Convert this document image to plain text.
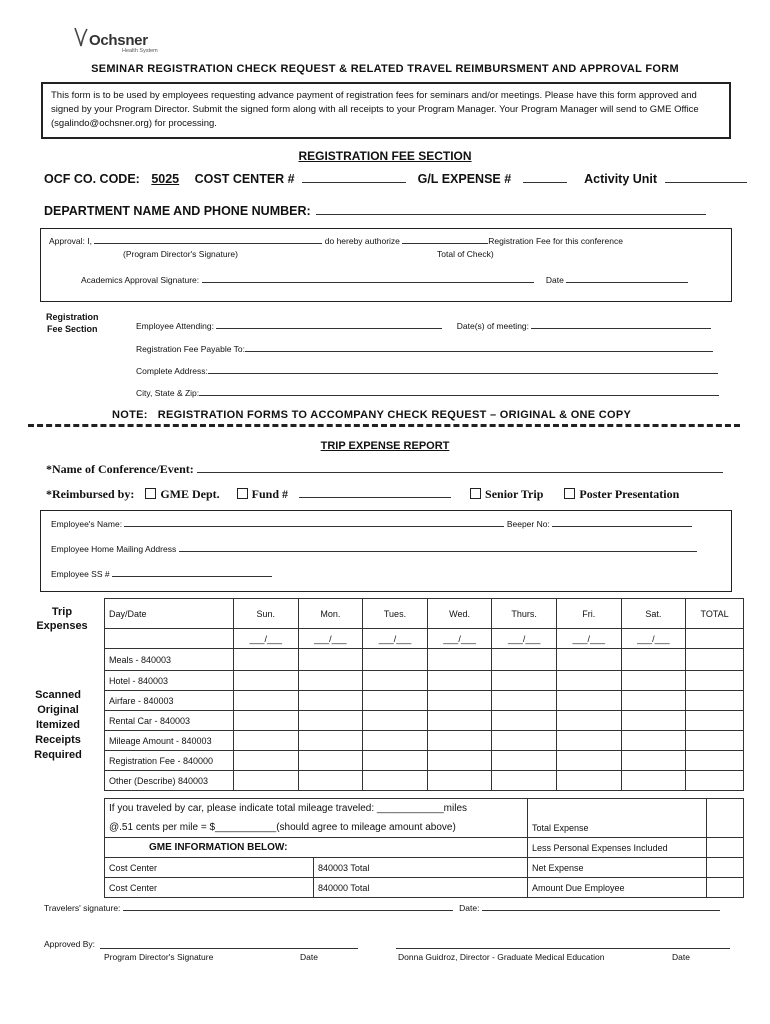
Ochsner
Health System
SEMINAR REGISTRATION CHECK REQUEST & RELATED TRAVEL REIMBURSMENT AND APPROVAL FORM
This form is to be used by employees requesting advance payment of registration fees for seminars and/or meetings. Please have this form approved and signed by your Program Director. Submit the signed form along with all receipts to your Program Manager. Your Program Manager will send to GME Office (sgalindo@ochsner.org) for processing.
REGISTRATION FEE SECTION
OCF CO. CODE: 5025 COST CENTER #	G/L EXPENSE #	Activity Unit
DEPARTMENT NAME AND PHONE NUMBER:
Approval: I,	do hereby authorize	Registration Fee for this conference
(Program Director's Signature)	Total of Check)
Academics Approval Signature:	Date
Registration
Fee Section	Employee Attending:	Date(s) of meeting:
Registration Fee Payable To:
Complete Address:
City, State & Zip:
NOTE:   REGISTRATION FORMS TO ACCOMPANY CHECK REQUEST – ORIGINAL & ONE COPY
TRIP EXPENSE REPORT
*Name of Conference/Event:
*Reimbursed by: GME Dept.	Fund #	Senior Trip	Poster Presentation
Employee's Name:	Beeper No:
Employee Home Mailing Address
Employee SS #
Trip
Expenses
Scanned
Original
Itemized
Receipts
Required
Day/Date	Sun.	Mon.	Tues.	Wed.	Thurs.	Fri.	Sat.	TOTAL
	___/___	___/___	___/___	___/___	___/___	___/___	___/___	
Meals - 840003								
Hotel - 840003								
Airfare - 840003								
Rental Car - 840003								
Mileage Amount - 840003								
Registration Fee - 840000								
Other (Describe) 840003								
If you traveled by car, please indicate total mileage traveled: ____________miles			
@.51 cents per mile = $___________(should agree to mileage amount above)		Total Expense	
GME INFORMATION BELOW:		Less Personal Expenses Included	
Cost Center	840003 Total	Net Expense	
Cost Center	840000 Total	Amount Due Employee	
Travelers' signature:	Date:
Approved By:
Program Director's Signature	Date	Donna Guidroz, Director - Graduate Medical Education	Date
